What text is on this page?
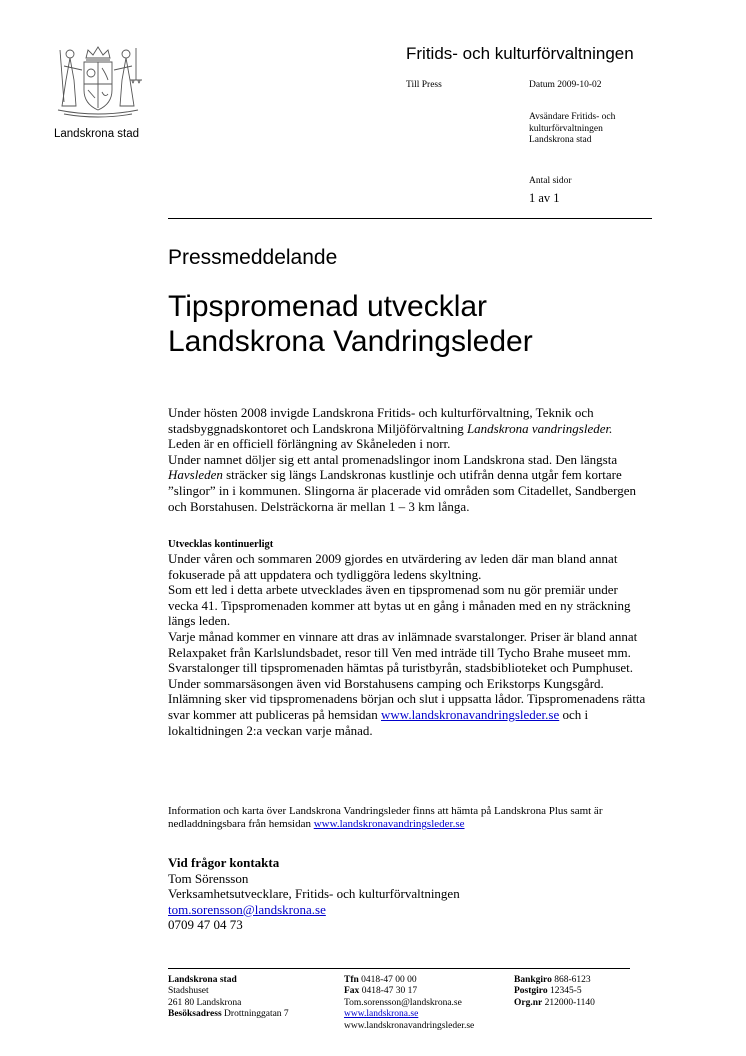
Landskrona stad
Fritids- och kulturförvaltningen
Till Press	Datum 2009-10-02
Avsändare Fritids- och
kulturförvaltningen
Landskrona stad
Antal sidor
1 av 1
Pressmeddelande
Tipspromenad utvecklar
Landskrona Vandringsleder

Under hösten 2008 invigde Landskrona Fritids- och kulturförvaltning, Teknik och stadsbyggnadskontoret och Landskrona Miljöförvaltning Landskrona vandringsleder. Leden är en officiell förlängning av Skåneleden i norr.

Under namnet döljer sig ett antal promenadslingor inom Landskrona stad. Den längsta Havsleden sträcker sig längs Landskronas kustlinje och utifrån denna utgår fem kortare ”slingor” in i kommunen. Slingorna är placerade vid områden som Citadellet, Sandbergen och Borstahusen. Delsträckorna är mellan 1 – 3 km långa.

Utvecklas kontinuerligt

Under våren och sommaren 2009 gjordes en utvärdering av leden där man bland annat fokuserade på att uppdatera och tydliggöra ledens skyltning.

Som ett led i detta arbete utvecklades även en tipspromenad som nu gör premiär under vecka 41. Tipspromenaden kommer att bytas ut en gång i månaden med en ny sträckning längs leden.

Varje månad kommer en vinnare att dras av inlämnade svarstalonger. Priser är bland annat Relaxpaket från Karlslundsbadet, resor till Ven med inträde till Tycho Brahe museet mm.

Svarstalonger till tipspromenaden hämtas på turistbyrån, stadsbiblioteket och Pumphuset. Under sommarsäsongen även vid Borstahusens camping och Erikstorps Kungsgård. Inlämning sker vid tipspromenadens början och slut i uppsatta lådor. Tipspromenadens rätta svar kommer att publiceras på hemsidan www.landskronavandringsleder.se och i lokaltidningen 2:a veckan varje månad.

Information och karta över Landskrona Vandringsleder finns att hämta på Landskrona Plus samt är nedladdningsbara från hemsidan www.landskronavandringsleder.se
Vid frågor kontakta
Tom Sörensson
Verksamhetsutvecklare, Fritids- och kulturförvaltningen
tom.sorensson@landskrona.se
0709 47 04 73
Landskrona stad
Stadshuset
261 80 Landskrona
Besöksadress Drottninggatan 7
Tfn 0418-47 00 00
Fax 0418-47 30 17
Tom.sorensson@landskrona.se
www.landskrona.se
www.landskronavandringsleder.se
Bankgiro 868-6123
Postgiro 12345-5
Org.nr 212000-1140
